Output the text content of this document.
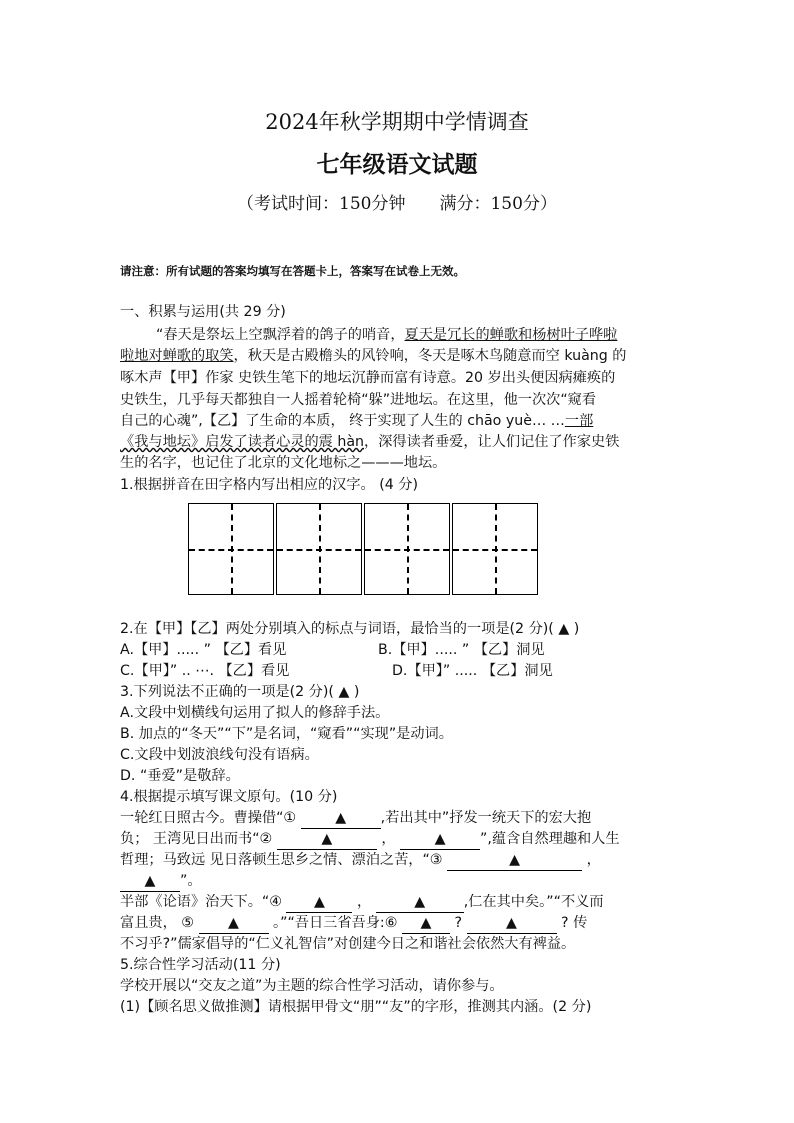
2024年秋学期期中学情调查
七年级语文试题
（考试时间：150分钟　　满分：150分）
请注意：所有试题的答案均填写在答题卡上，答案写在试卷上无效。
一、积累与运用(共 29 分)
“春天是祭坛上空飘浮着的鸽子的哨音，夏天是冗长的蝉歌和杨树叶子哗啦
啦地对蝉歌的取笑，秋天是古殿檐头的风铃响，冬天是啄木鸟随意而空 kuàng 的
啄木声【甲】作家 史铁生笔下的地坛沉静而富有诗意。20 岁出头便因病瘫痪的
史铁生，几乎每天都独自一人摇着轮椅“躲”进地坛。在这里，他一次次“窥看
自己的心魂”,【乙】了生命的本质， 终于实现了人生的 chāo yuè… …一部
《我与地坛》启发了读者心灵的震 hàn，深得读者垂爱，让人们记住了作家史铁
生的名字，也记住了北京的文化地标之———地坛。
1.根据拼音在田字格内写出相应的汉字。 (4 分)
2.在【甲】【乙】两处分别填入的标点与词语，最恰当的一项是(2 分)( ▲ )
A.【甲】..... ” 【乙】看见	B.【甲】..... ” 【乙】洞见
C.【甲】” .. ⋯. 【乙】看见	D.【甲】” ..... 【乙】洞见
3.下列说法不正确的一项是(2 分)( ▲ )
A.文段中划横线句运用了拟人的修辞手法。
B. 加点的“冬天”“下”是名词，“窥看”“实现”是动词。
C.文段中划波浪线句没有语病。
D. “垂爱”是敬辞。
4.根据提示填写课文原句。(10 分)
一轮红日照古今。曹操借“①	▲ ,若出其中”抒发一统天下的宏大抱
负； 王湾见日出而书“②	▲	，	▲ ”,蕴含自然理趣和人生
哲理；马致远 见日落顿生思乡之情、漂泊之苦，“③	▲	，
▲ ”。
半部《论语》治天下。“④ ▲ ，	▲	,仁在其中矣。”“不义而
富且贵， ⑤ ▲ 。”“吾日三省吾身:⑥ ▲ ?	▲	? 传
不习乎?”儒家倡导的“仁义礼智信”对创建今日之和谐社会依然大有裨益。
5.综合性学习活动(11 分)
学校开展以“交友之道”为主题的综合性学习活动，请你参与。
(1)【顾名思义做推测】请根据甲骨文“朋”“友”的字形，推测其内涵。(2 分)
